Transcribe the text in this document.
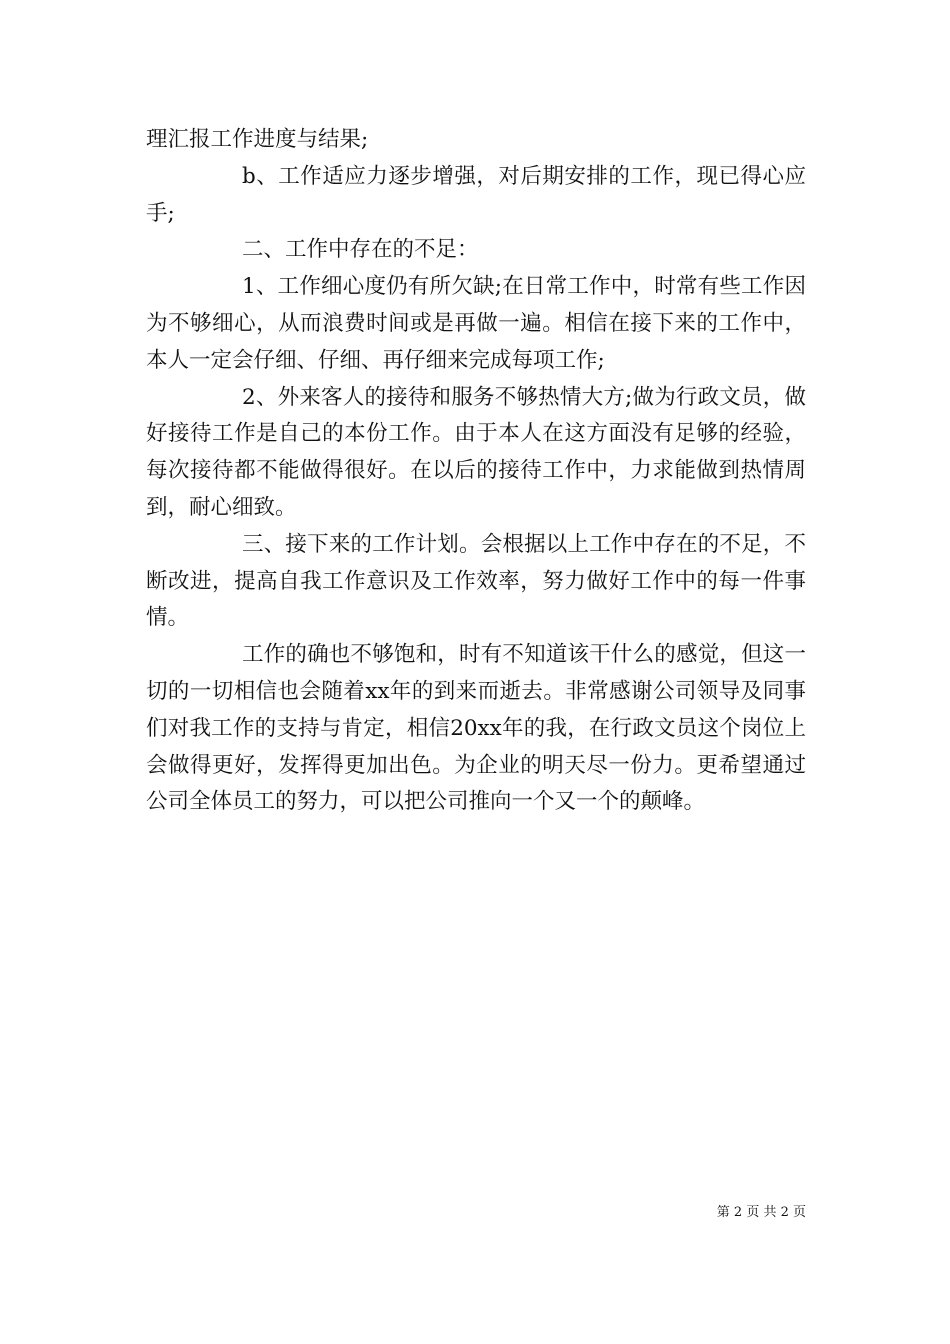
理汇报工作进度与结果;

b、工作适应力逐步增强，对后期安排的工作，现已得心应手;

二、工作中存在的不足：

1、工作细心度仍有所欠缺;在日常工作中，时常有些工作因为不够细心，从而浪费时间或是再做一遍。相信在接下来的工作中，本人一定会仔细、仔细、再仔细来完成每项工作;

2、外来客人的接待和服务不够热情大方;做为行政文员，做好接待工作是自己的本份工作。由于本人在这方面没有足够的经验，每次接待都不能做得很好。在以后的接待工作中，力求能做到热情周到，耐心细致。

三、接下来的工作计划。会根据以上工作中存在的不足，不断改进，提高自我工作意识及工作效率，努力做好工作中的每一件事情。

工作的确也不够饱和，时有不知道该干什么的感觉，但这一切的一切相信也会随着xx年的到来而逝去。非常感谢公司领导及同事们对我工作的支持与肯定，相信20xx年的我，在行政文员这个岗位上会做得更好，发挥得更加出色。为企业的明天尽一份力。更希望通过公司全体员工的努力，可以把公司推向一个又一个的颠峰。

第 2 页 共 2 页
